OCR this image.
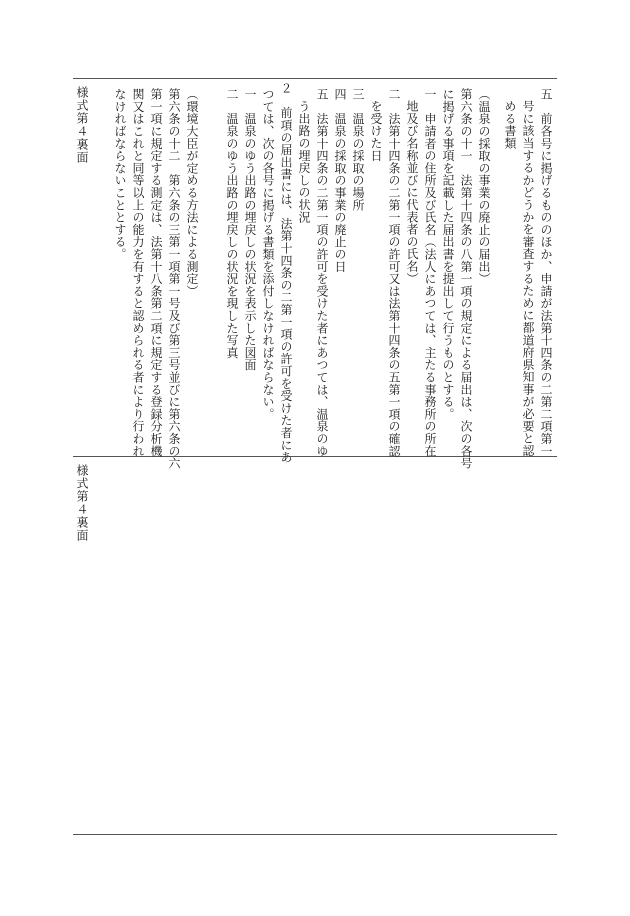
様式第４裏面
様式第４裏面
五　前各号に掲げるもののほか、申請が法第十四条の二第二項第一
号に該当するかどうかを審査するために都道府県知事が必要と認
める書類
（温泉の採取の事業の廃止の届出）
第六条の十一　法第十四条の八第一項の規定による届出は、次の各号
に掲げる事項を記載した届出書を提出して行うものとする。
一　申請者の住所及び氏名（法人にあつては、主たる事務所の所在
地及び名称並びに代表者の氏名）
二　法第十四条の二第一項の許可又は法第十四条の五第一項の確認
を受けた日
三　温泉の採取の場所
四　温泉の採取の事業の廃止の日
五　法第十四条の二第一項の許可を受けた者にあつては、温泉のゆ
う出路の埋戻しの状況
２　前項の届出書には、法第十四条の二第一項の許可を受けた者にあ
つては、次の各号に掲げる書類を添付しなければならない。
一　温泉のゆう出路の埋戻しの状況を表示した図面
二　温泉のゆう出路の埋戻しの状況を現した写真
（環境大臣が定める方法による測定）
第六条の十二　第六条の三第一項第一号及び第三号並びに第六条の六
第一項に規定する測定は、法第十八条第二項に規定する登録分析機
関又はこれと同等以上の能力を有すると認められる者により行われ
なければならないこととする。
